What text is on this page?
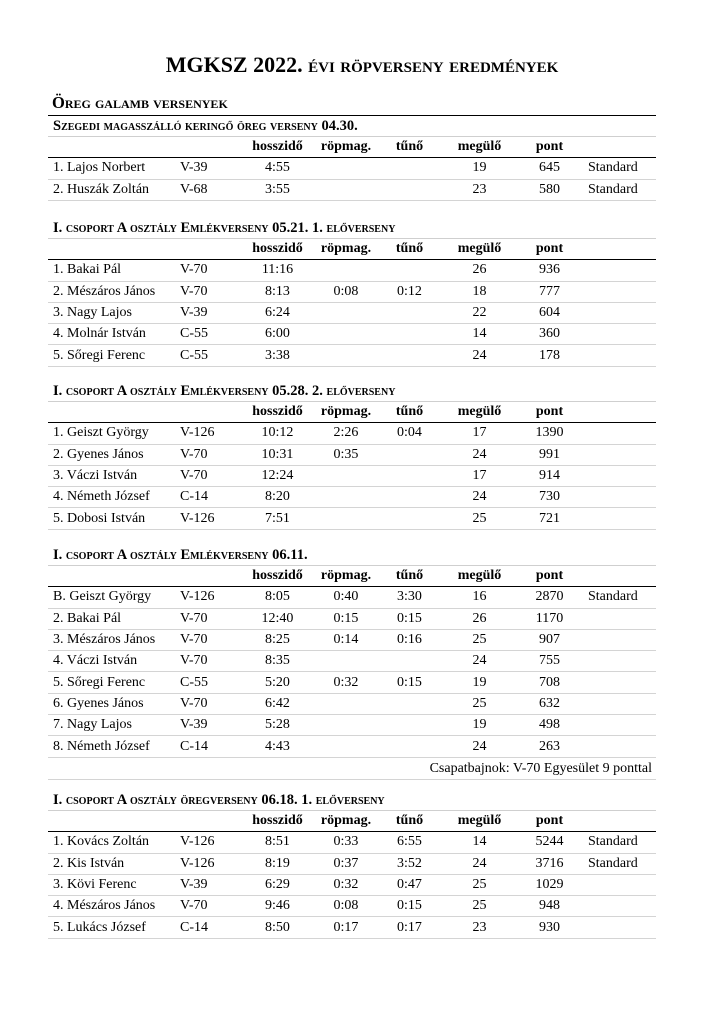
MGKSZ 2022. évi röpverseny eredmények
Öreg galamb versenyek
Szegedi magasszálló keringő öreg verseny 04.30.
		hosszidő	röpmag.	tűnő	megülő	pont	
1. Lajos Norbert	V-39	4:55			19	645	Standard
2. Huszák Zoltán	V-68	3:55			23	580	Standard
I. csoport A osztály Emlékverseny 05.21. 1. előverseny
		hosszidő	röpmag.	tűnő	megülő	pont	
1. Bakai Pál	V-70	11:16			26	936	
2. Mészáros János	V-70	8:13	0:08	0:12	18	777	
3. Nagy Lajos	V-39	6:24			22	604	
4. Molnár István	C-55	6:00			14	360	
5. Sőregi Ferenc	C-55	3:38			24	178	
I. csoport A osztály Emlékverseny 05.28. 2. előverseny
		hosszidő	röpmag.	tűnő	megülő	pont	
1. Geiszt György	V-126	10:12	2:26	0:04	17	1390	
2. Gyenes János	V-70	10:31	0:35		24	991	
3. Váczi István	V-70	12:24			17	914	
4. Németh József	C-14	8:20			24	730	
5. Dobosi István	V-126	7:51			25	721	
I. csoport A osztály Emlékverseny 06.11.
		hosszidő	röpmag.	tűnő	megülő	pont	
B. Geiszt György	V-126	8:05	0:40	3:30	16	2870	Standard
2. Bakai Pál	V-70	12:40	0:15	0:15	26	1170	
3. Mészáros János	V-70	8:25	0:14	0:16	25	907	
4. Váczi István	V-70	8:35			24	755	
5. Sőregi Ferenc	C-55	5:20	0:32	0:15	19	708	
6. Gyenes János	V-70	6:42			25	632	
7. Nagy Lajos	V-39	5:28			19	498	
8. Németh József	C-14	4:43			24	263	
Csapatbajnok: V-70 Egyesület 9 ponttal
I. csoport A osztály öregverseny 06.18. 1. előverseny
		hosszidő	röpmag.	tűnő	megülő	pont	
1. Kovács Zoltán	V-126	8:51	0:33	6:55	14	5244	Standard
2. Kis István	V-126	8:19	0:37	3:52	24	3716	Standard
3. Kövi Ferenc	V-39	6:29	0:32	0:47	25	1029	
4. Mészáros János	V-70	9:46	0:08	0:15	25	948	
5. Lukács József	C-14	8:50	0:17	0:17	23	930	
